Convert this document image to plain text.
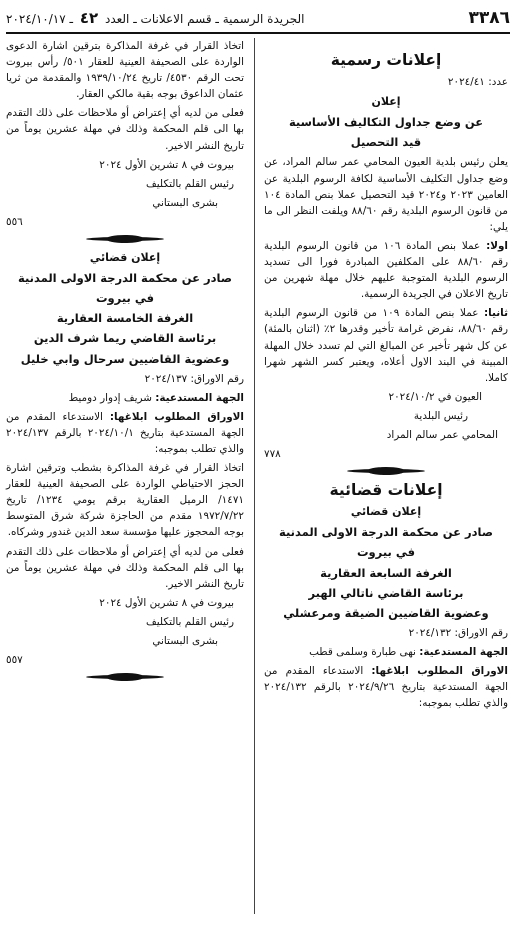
٣٣٨٦
الجريدة الرسمية ـ قسم الاعلانات ـ العدد ٤٢ ـ ٢٠٢٤/١٠/١٧
إعلانات رسمية

عدد: ٢٠٢٤/٤١

إعلان

عن وضع جداول التكاليف الأساسية

قيد التحصيل

يعلن رئيس بلدية العيون المحامي عمر سالم المراد، عن وضع جداول التكليف الأساسية لكافة الرسوم البلدية عن العامين ٢٠٢٣ و٢٠٢٤ قيد التحصيل عملا بنص المادة ١٠٤ من قانون الرسوم البلدية رقم ٨٨/٦٠ ويلفت النظر الى ما يلي:

اولا: عملا بنص المادة ١٠٦ من قانون الرسوم البلدية رقم ٨٨/٦٠ على المكلفين المبادرة فورا الى تسديد الرسوم البلدية المتوجبة عليهم خلال مهلة شهرين من تاريخ الاعلان في الجريدة الرسمية.

ثانيا: عملا بنص المادة ١٠٩ من قانون الرسوم البلدية رقم ٨٨/٦٠، نفرض غرامة تأخير وقدرها ٢٪ (اثنان بالمئة) عن كل شهر تأخير عن المبالغ التي لم تسدد خلال المهلة المبينة في البند الاول أعلاه، ويعتبر كسر الشهر شهرا كاملا.

العيون في ٢٠٢٤/١٠/٢

رئيس البلدية

المحامي عمر سالم المراد

٧٧٨

إعلانات قضائية

إعلان قضائي

صادر عن محكمة الدرجة الاولى المدنية

في بيروت

الغرفة السابعة العقارية

برئاسة القاضي ناتالي الهبر

وعضوية القاضيين الضيقة ومرعشلي

رقم الاوراق: ٢٠٢٤/١٣٢

الجهة المستدعية: نهى طبارة وسلمى قطب

الاوراق المطلوب ابلاغها: الاستدعاء المقدم من الجهة المستدعية بتاريخ ٢٠٢٤/٩/٢٦ بالرقم ٢٠٢٤/١٣٢ والذي تطلب بموجبه:

اتخاذ القرار في غرفة المذاكرة بترقين اشارة الدعوى الواردة على الصحيفة العينية للعقار ٥٠١/ رأس بيروت تحت الرقم ٤٥٣٠/ تاريخ ١٩٣٩/١٠/٢٤ والمقدمة من ثريا عثمان الداعوق بوجه بقية مالكي العقار.

فعلى من لديه أي إعتراض أو ملاحظات على ذلك التقدم بها الى قلم المحكمة وذلك في مهلة عشرين يوماً من تاريخ النشر الاخير.

بيروت في ٨ تشرين الأول ٢٠٢٤

رئيس القلم بالتكليف

بشرى البستاني

٥٥٦

إعلان قضائي

صادر عن محكمة الدرجة الاولى المدنية

في بيروت

الغرفة الخامسة العقارية

برئاسة القاضي ريما شرف الدين

وعضوية القاضيين سرحال وابي خليل

رقم الاوراق: ٢٠٢٤/١٣٧

الجهة المستدعية: شريف إدوار دوميط

الاوراق المطلوب ابلاغها: الاستدعاء المقدم من الجهة المستدعية بتاريخ ٢٠٢٤/١٠/١ بالرقم ٢٠٢٤/١٣٧ والذي تطلب بموجبه:

اتخاذ القرار في غرفة المذاكرة بشطب وترقين اشارة الحجز الاحتياطي الواردة على الصحيفة العينية للعقار ١٤٧١/ الرميل العقارية برقم يومي ١٢٣٤/ تاريخ ١٩٧٢/٧/٢٢ مقدم من الحاجزة شركة شرق المتوسط بوجه المحجوز عليها مؤسسة سعد الدين غندور وشركاه.

فعلى من لديه أي إعتراض أو ملاحظات على ذلك التقدم بها الى قلم المحكمة وذلك في مهلة عشرين يوماً من تاريخ النشر الاخير.

بيروت في ٨ تشرين الأول ٢٠٢٤

رئيس القلم بالتكليف

بشرى البستاني

٥٥٧
